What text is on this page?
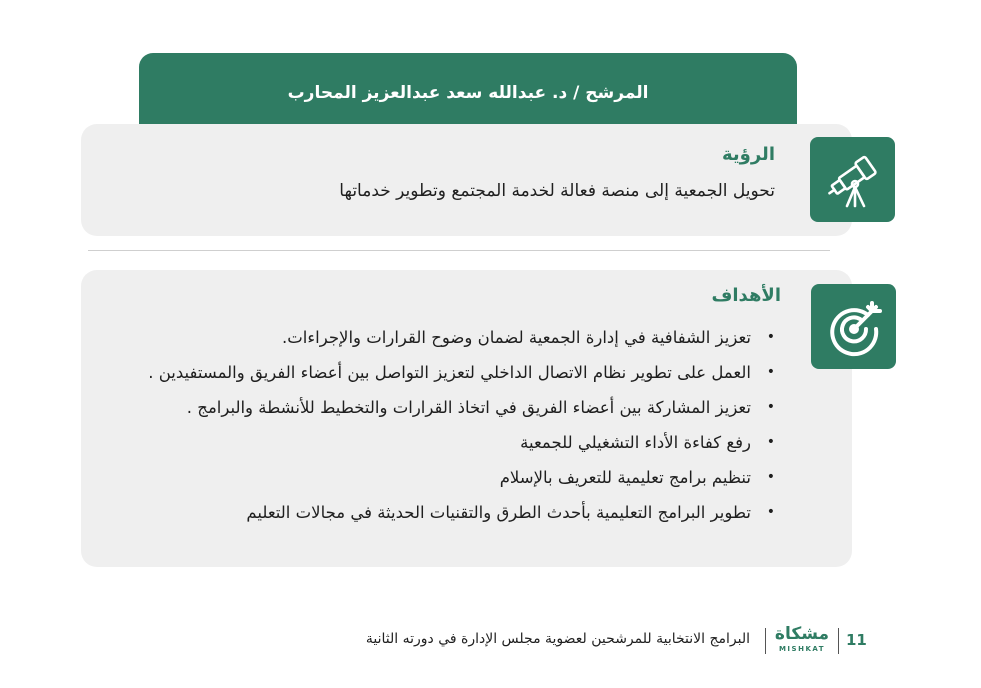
المرشح / د. عبدالله سعد عبدالعزيز المحارب
الرؤية
تحويل الجمعية إلى منصة فعالة لخدمة المجتمع وتطوير خدماتها
الأهداف
•
تعزيز الشفافية في إدارة الجمعية لضمان وضوح القرارات والإجراءات.
•
العمل على تطوير نظام الاتصال الداخلي لتعزيز التواصل بين أعضاء الفريق والمستفيدين .
•
تعزيز المشاركة بين أعضاء الفريق في اتخاذ القرارات والتخطيط للأنشطة والبرامج .
•
رفع كفاءة الأداء التشغيلي للجمعية
•
تنظيم برامج تعليمية للتعريف بالإسلام
•
تطوير البرامج التعليمية بأحدث الطرق والتقنيات الحديثة في مجالات التعليم
البرامج الانتخابية للمرشحين لعضوية مجلس الإدارة في دورته الثانية مشكاة
MISHKAT	11
